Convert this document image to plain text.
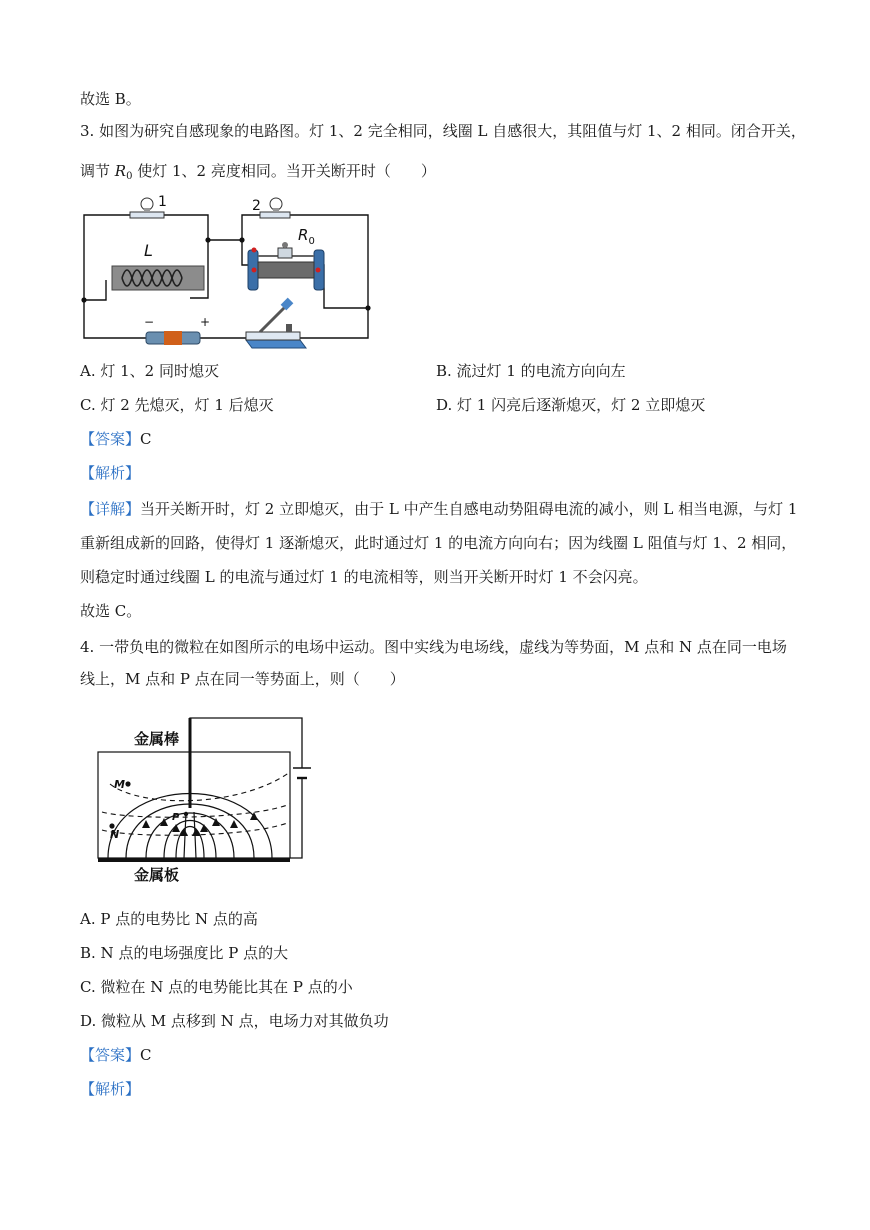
故选 B。
3. 如图为研究自感现象的电路图。灯 1、2 完全相同，线圈 L 自感很大，其阻值与灯 1、2 相同。闭合开关，
调节 $R_0$ 使灯 1、2 亮度相同。当开关断开时（　　）
1	2
L
$R_0$
−	+
A. 灯 1、2 同时熄灭	B. 流过灯 1 的电流方向向左
C. 灯 2 先熄灭，灯 1 后熄灭	D. 灯 1 闪亮后逐渐熄灭，灯 2 立即熄灭
【答案】C
【解析】
【详解】当开关断开时，灯 2 立即熄灭，由于 L 中产生自感电动势阻碍电流的减小，则 L 相当电源，与灯 1
重新组成新的回路，使得灯 1 逐渐熄灭，此时通过灯 1 的电流方向向右；因为线圈 L 阻值与灯 1、2 相同，
则稳定时通过线圈 L 的电流与通过灯 1 的电流相等，则当开关断开时灯 1 不会闪亮。
故选 C。
4. 一带负电的微粒在如图所示的电场中运动。图中实线为电场线，虚线为等势面，M 点和 N 点在同一电场
线上，M 点和 P 点在同一等势面上，则（　　）
M
N
P
金属棒
金属板
A. P 点的电势比 N 点的高
B. N 点的电场强度比 P 点的大
C. 微粒在 N 点的电势能比其在 P 点的小
D. 微粒从 M 点移到 N 点，电场力对其做负功
【答案】C
【解析】
